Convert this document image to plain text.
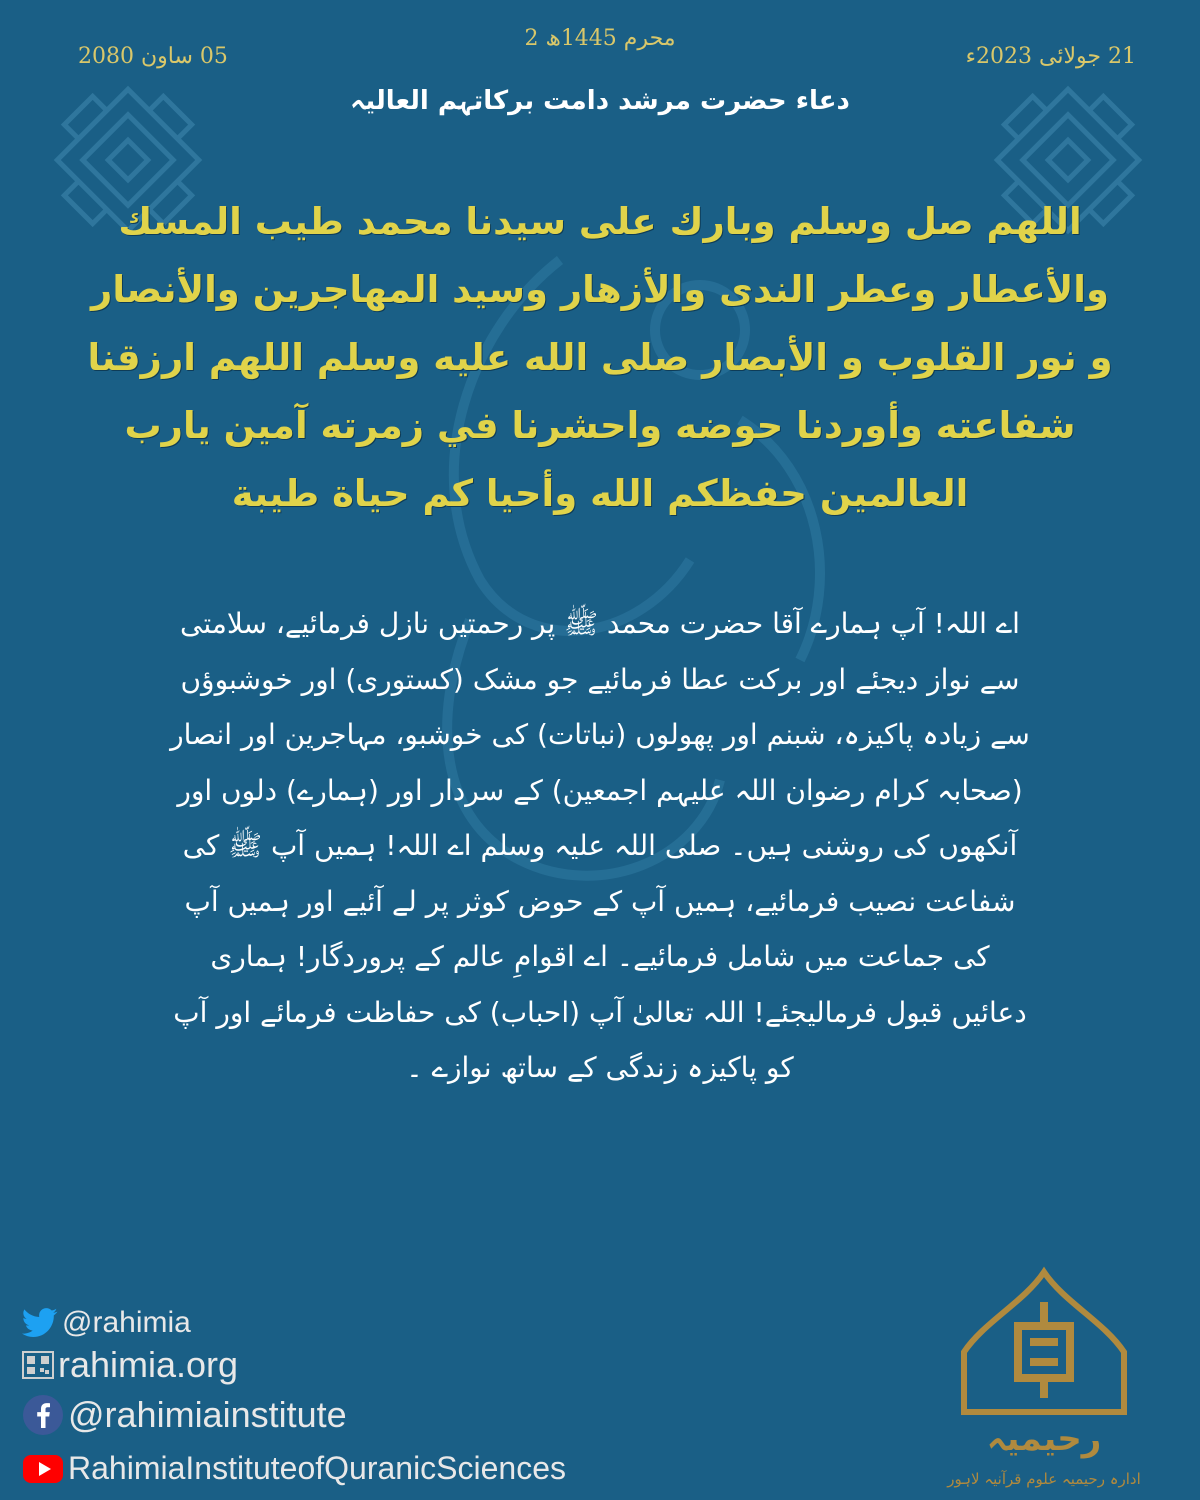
2 محرم 1445ھ
21 جولائی 2023ء
05 ساون 2080
دعاء حضرت مرشد دامت برکاتہم العالیہ
اللهم صل وسلم وبارك على سيدنا محمد طيب المسك والأعطار وعطر الندى والأزهار وسيد المهاجرين والأنصار و نور القلوب و الأبصار صلى الله عليه وسلم اللهم ارزقنا شفاعته وأوردنا حوضه واحشرنا في زمرته آمين يارب العالمين حفظكم الله وأحيا كم حياة طيبة
اے اللہ! آپ ہمارے آقا حضرت محمد ﷺ پر رحمتیں نازل فرمائیے، سلامتی سے نواز دیجئے اور برکت عطا فرمائیے جو مشک (کستوری) اور خوشبوؤں سے زیادہ پاکیزہ، شبنم اور پھولوں (نباتات) کی خوشبو، مہاجرین اور انصار (صحابہ کرام رضوان اللہ علیہم اجمعین) کے سردار اور (ہمارے) دلوں اور آنکھوں کی روشنی ہیں۔ صلی اللہ علیہ وسلم اے اللہ! ہمیں آپ ﷺ کی شفاعت نصیب فرمائیے، ہمیں آپ کے حوض کوثر پر لے آئیے اور ہمیں آپ کی جماعت میں شامل فرمائیے۔ اے اقوامِ عالم کے پروردگار! ہماری دعائیں قبول فرمالیجئے! اللہ تعالیٰ آپ (احباب) کی حفاظت فرمائے اور آپ کو پاکیزہ زندگی کے ساتھ نوازے ۔
@rahimia
rahimia.org
@rahimiainstitute
RahimiaInstituteofQuranicSciences
رحیمیہ
ادارہ رحیمیہ علوم قرآنیہ لاہور
